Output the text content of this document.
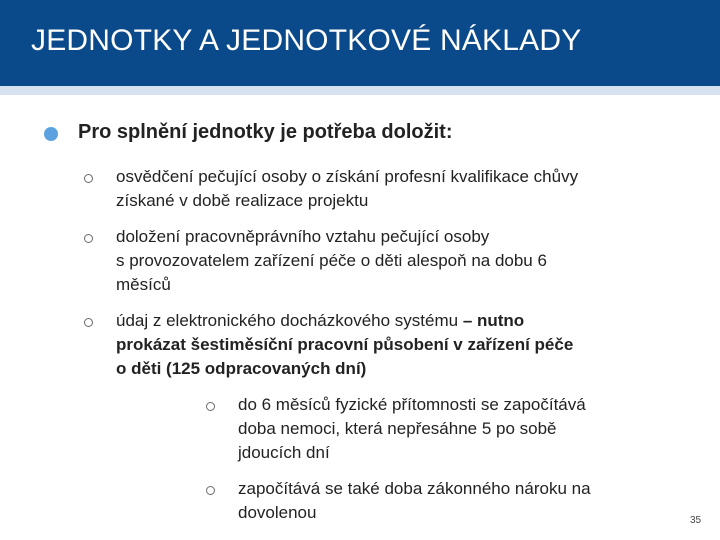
JEDNOTKY A JEDNOTKOVÉ NÁKLADY
Pro splnění jednotky je potřeba doložit:
osvědčení pečující osoby o získání profesní kvalifikace chůvy
získané v době realizace projektu
doložení pracovněprávního vztahu pečující osoby
s provozovatelem zařízení péče o děti alespoň na dobu 6
měsíců
údaj z elektronického docházkového systému – nutno
prokázat šestiměsíční pracovní působení v zařízení péče
o děti (125 odpracovaných dní)
do 6 měsíců fyzické přítomnosti se započítává
doba nemoci, která nepřesáhne 5 po sobě
jdoucích dní
započítává se také doba zákonného nároku na
dovolenou	35
